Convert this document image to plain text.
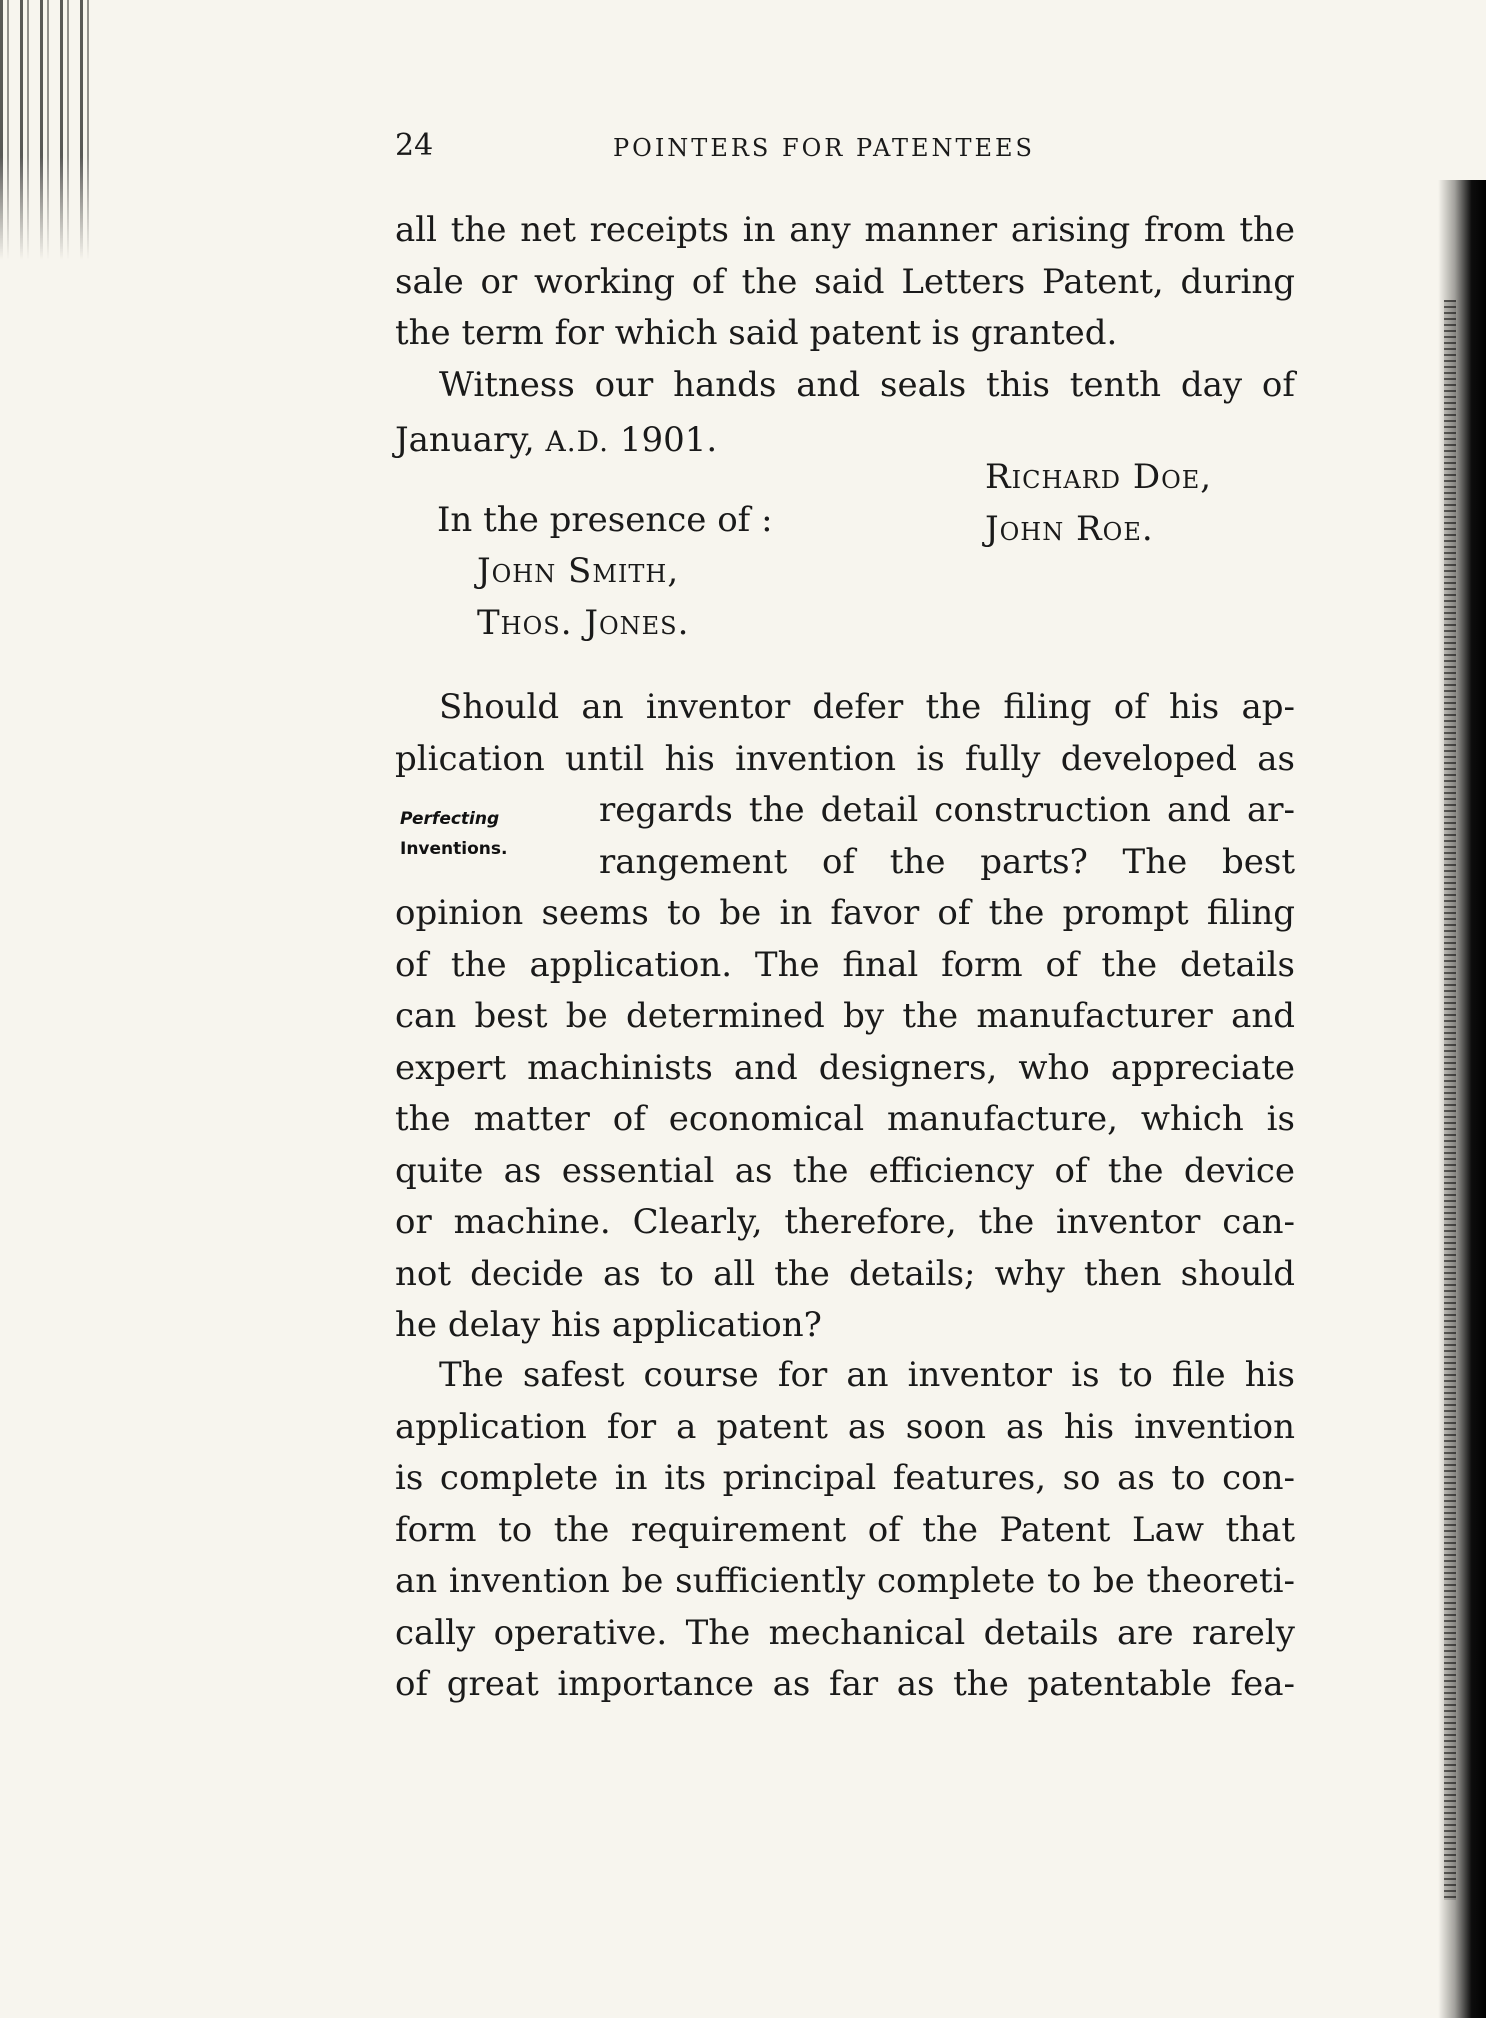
24	POINTERS FOR PATENTEES
all the net receipts in any manner arising from the
sale or working of the said Letters Patent, during
the term for which said patent is granted.
Witness our hands and seals this tenth day of
January, A.D. 1901.
Richard Doe,
John Roe.
In the presence of :
John Smith,
Thos. Jones.
Perfecting
Inventions.
Should an inventor defer the filing of his ap-
plication until his invention is fully developed as
regards the detail construction and ar-
rangement of the parts? The best
opinion seems to be in favor of the prompt filing
of the application. The final form of the details
can best be determined by the manufacturer and
expert machinists and designers, who appreciate
the matter of economical manufacture, which is
quite as essential as the efficiency of the device
or machine. Clearly, therefore, the inventor can-
not decide as to all the details; why then should
he delay his application?
The safest course for an inventor is to file his
application for a patent as soon as his invention
is complete in its principal features, so as to con-
form to the requirement of the Patent Law that
an invention be sufficiently complete to be theoreti-
cally operative. The mechanical details are rarely
of great importance as far as the patentable fea-
